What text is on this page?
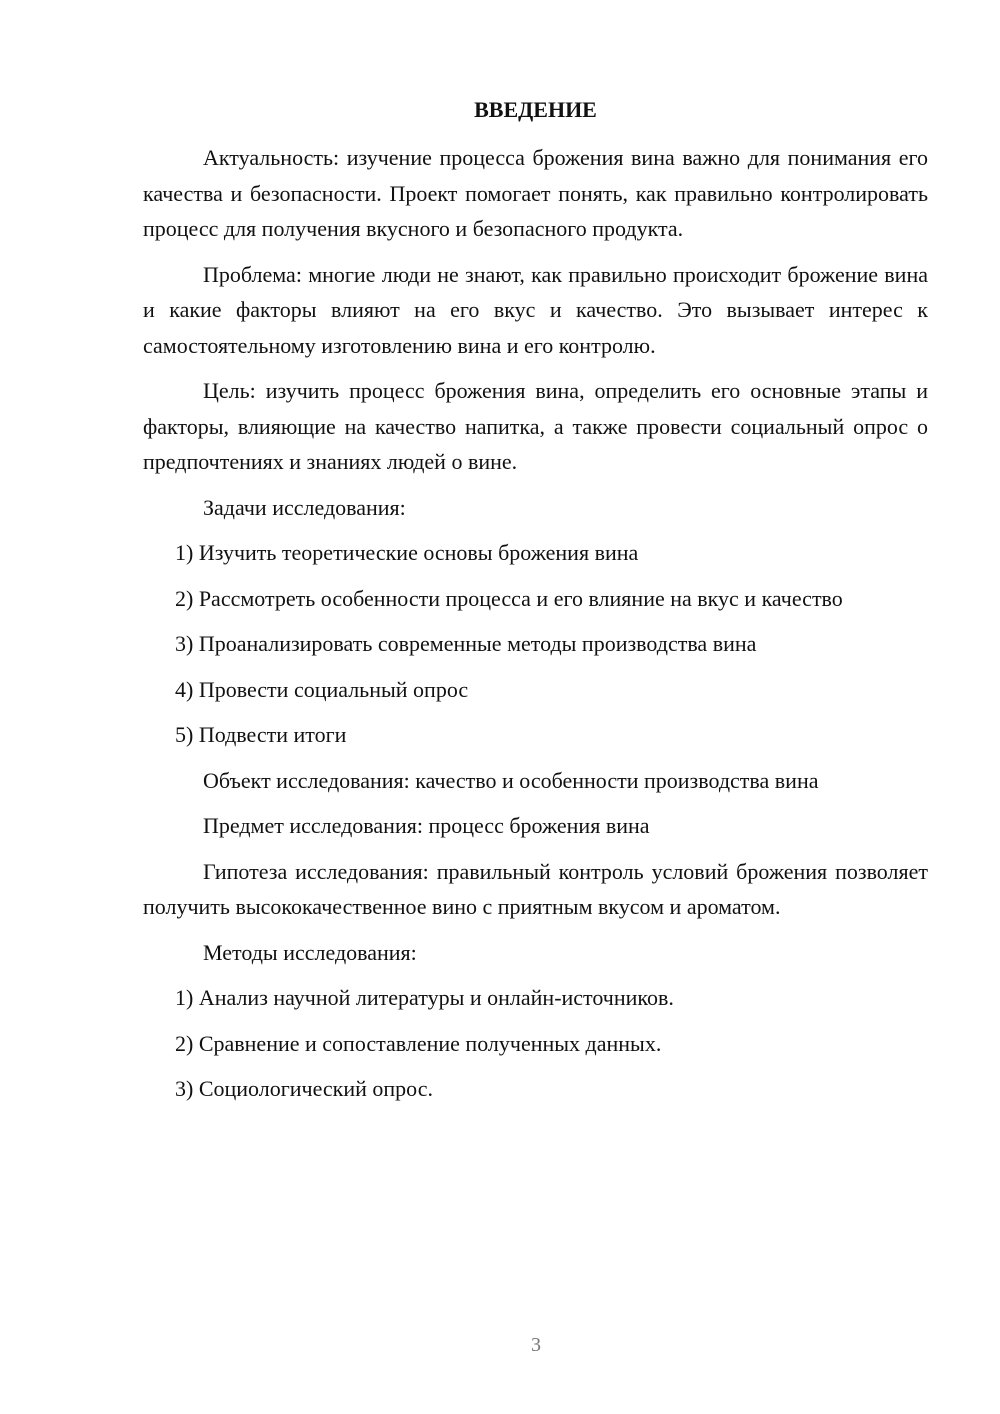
ВВЕДЕНИЕ
Актуальность: изучение процесса брожения вина важно для понимания его качества и безопасности. Проект помогает понять, как правильно контролировать процесс для получения вкусного и безопасного продукта.
Проблема: многие люди не знают, как правильно происходит брожение вина и какие факторы влияют на его вкус и качество. Это вызывает интерес к самостоятельному изготовлению вина и его контролю.
Цель: изучить процесс брожения вина, определить его основные этапы и факторы, влияющие на качество напитка, а также провести социальный опрос о предпочтениях и знаниях людей о вине.
Задачи исследования:
1) Изучить теоретические основы брожения вина
2) Рассмотреть особенности процесса и его влияние на вкус и качество
3) Проанализировать современные методы производства вина
4) Провести социальный опрос
5) Подвести итоги
Объект исследования: качество и особенности производства вина
Предмет исследования: процесс брожения вина
Гипотеза исследования: правильный контроль условий брожения позволяет получить высококачественное вино с приятным вкусом и ароматом.
Методы исследования:
1) Анализ научной литературы и онлайн-источников.
2) Сравнение и сопоставление полученных данных.
3) Социологический опрос.
3
